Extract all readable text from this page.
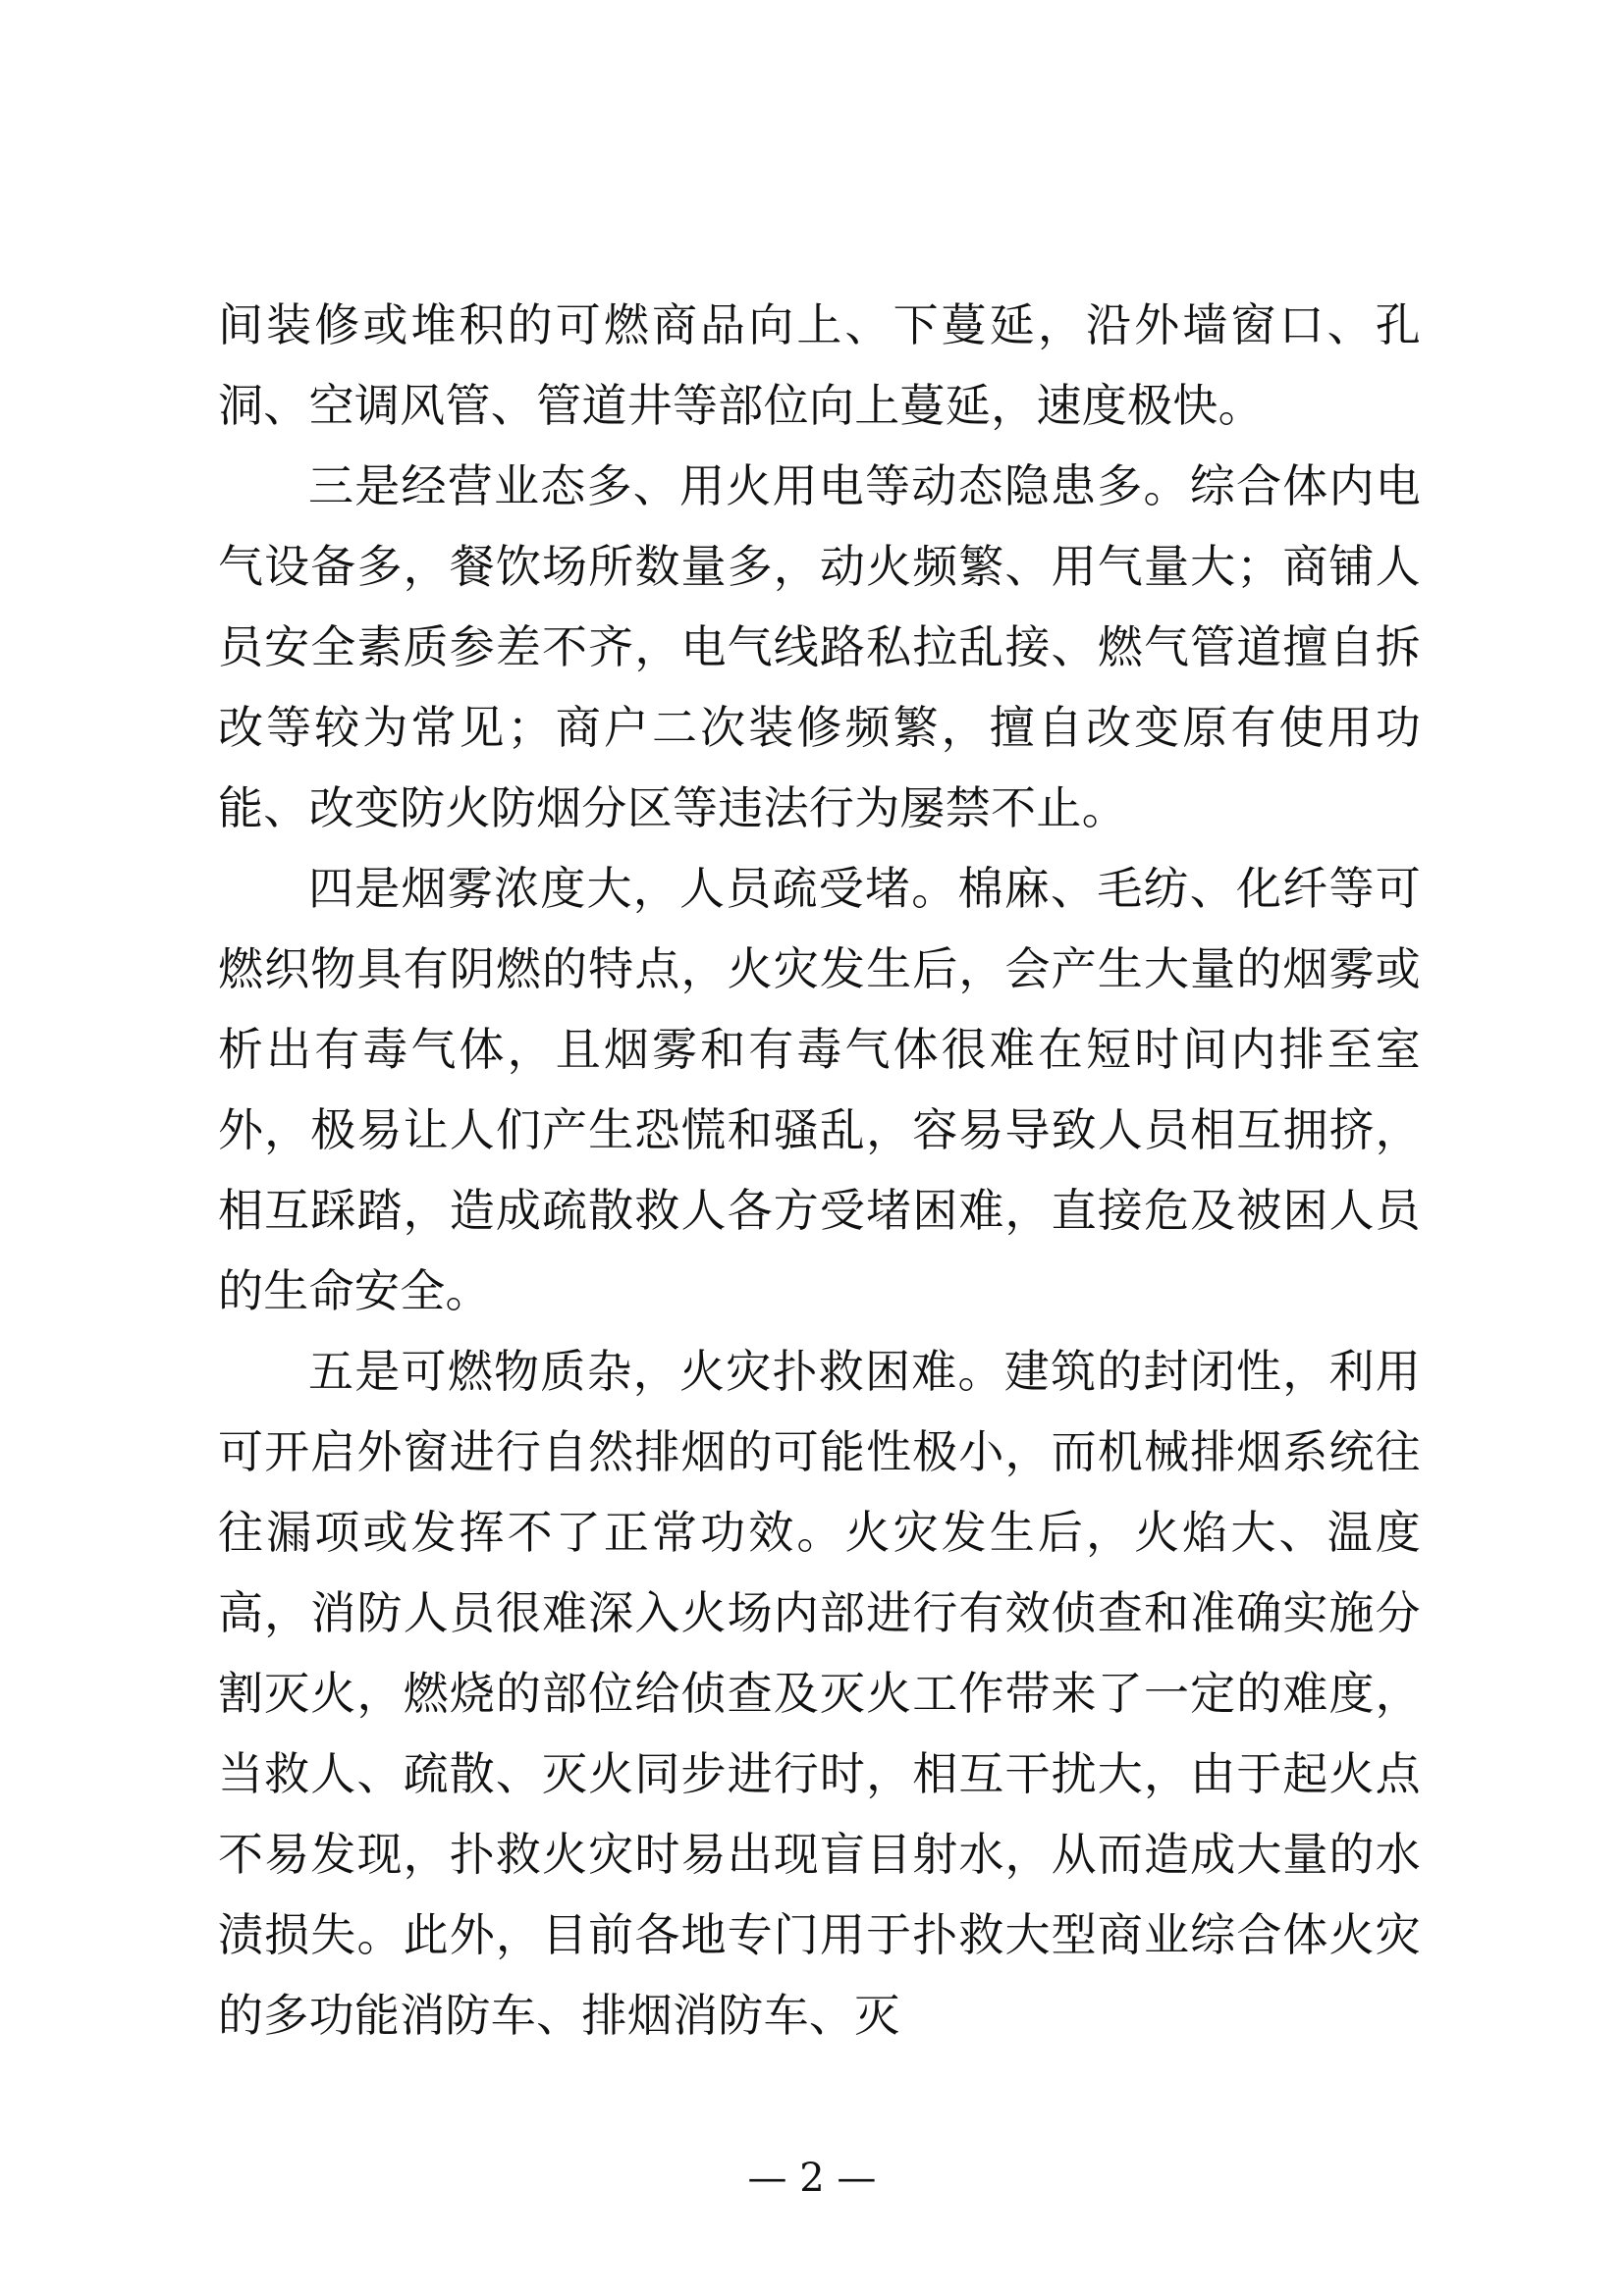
间装修或堆积的可燃商品向上、下蔓延，沿外墙窗口、孔洞、空调风管、管道井等部位向上蔓延，速度极快。

三是经营业态多、用火用电等动态隐患多。综合体内电气设备多，餐饮场所数量多，动火频繁、用气量大；商铺人员安全素质参差不齐，电气线路私拉乱接、燃气管道擅自拆改等较为常见；商户二次装修频繁，擅自改变原有使用功能、改变防火防烟分区等违法行为屡禁不止。

四是烟雾浓度大，人员疏受堵。棉麻、毛纺、化纤等可燃织物具有阴燃的特点，火灾发生后，会产生大量的烟雾或析出有毒气体，且烟雾和有毒气体很难在短时间内排至室外，极易让人们产生恐慌和骚乱，容易导致人员相互拥挤，相互踩踏，造成疏散救人各方受堵困难，直接危及被困人员的生命安全。

五是可燃物质杂，火灾扑救困难。建筑的封闭性，利用可开启外窗进行自然排烟的可能性极小，而机械排烟系统往往漏项或发挥不了正常功效。火灾发生后，火焰大、温度高，消防人员很难深入火场内部进行有效侦查和准确实施分割灭火，燃烧的部位给侦查及灭火工作带来了一定的难度，当救人、疏散、灭火同步进行时，相互干扰大，由于起火点不易发现，扑救火灾时易出现盲目射水，从而造成大量的水渍损失。此外，目前各地专门用于扑救大型商业综合体火灾的多功能消防车、排烟消防车、灭

— 2 —
